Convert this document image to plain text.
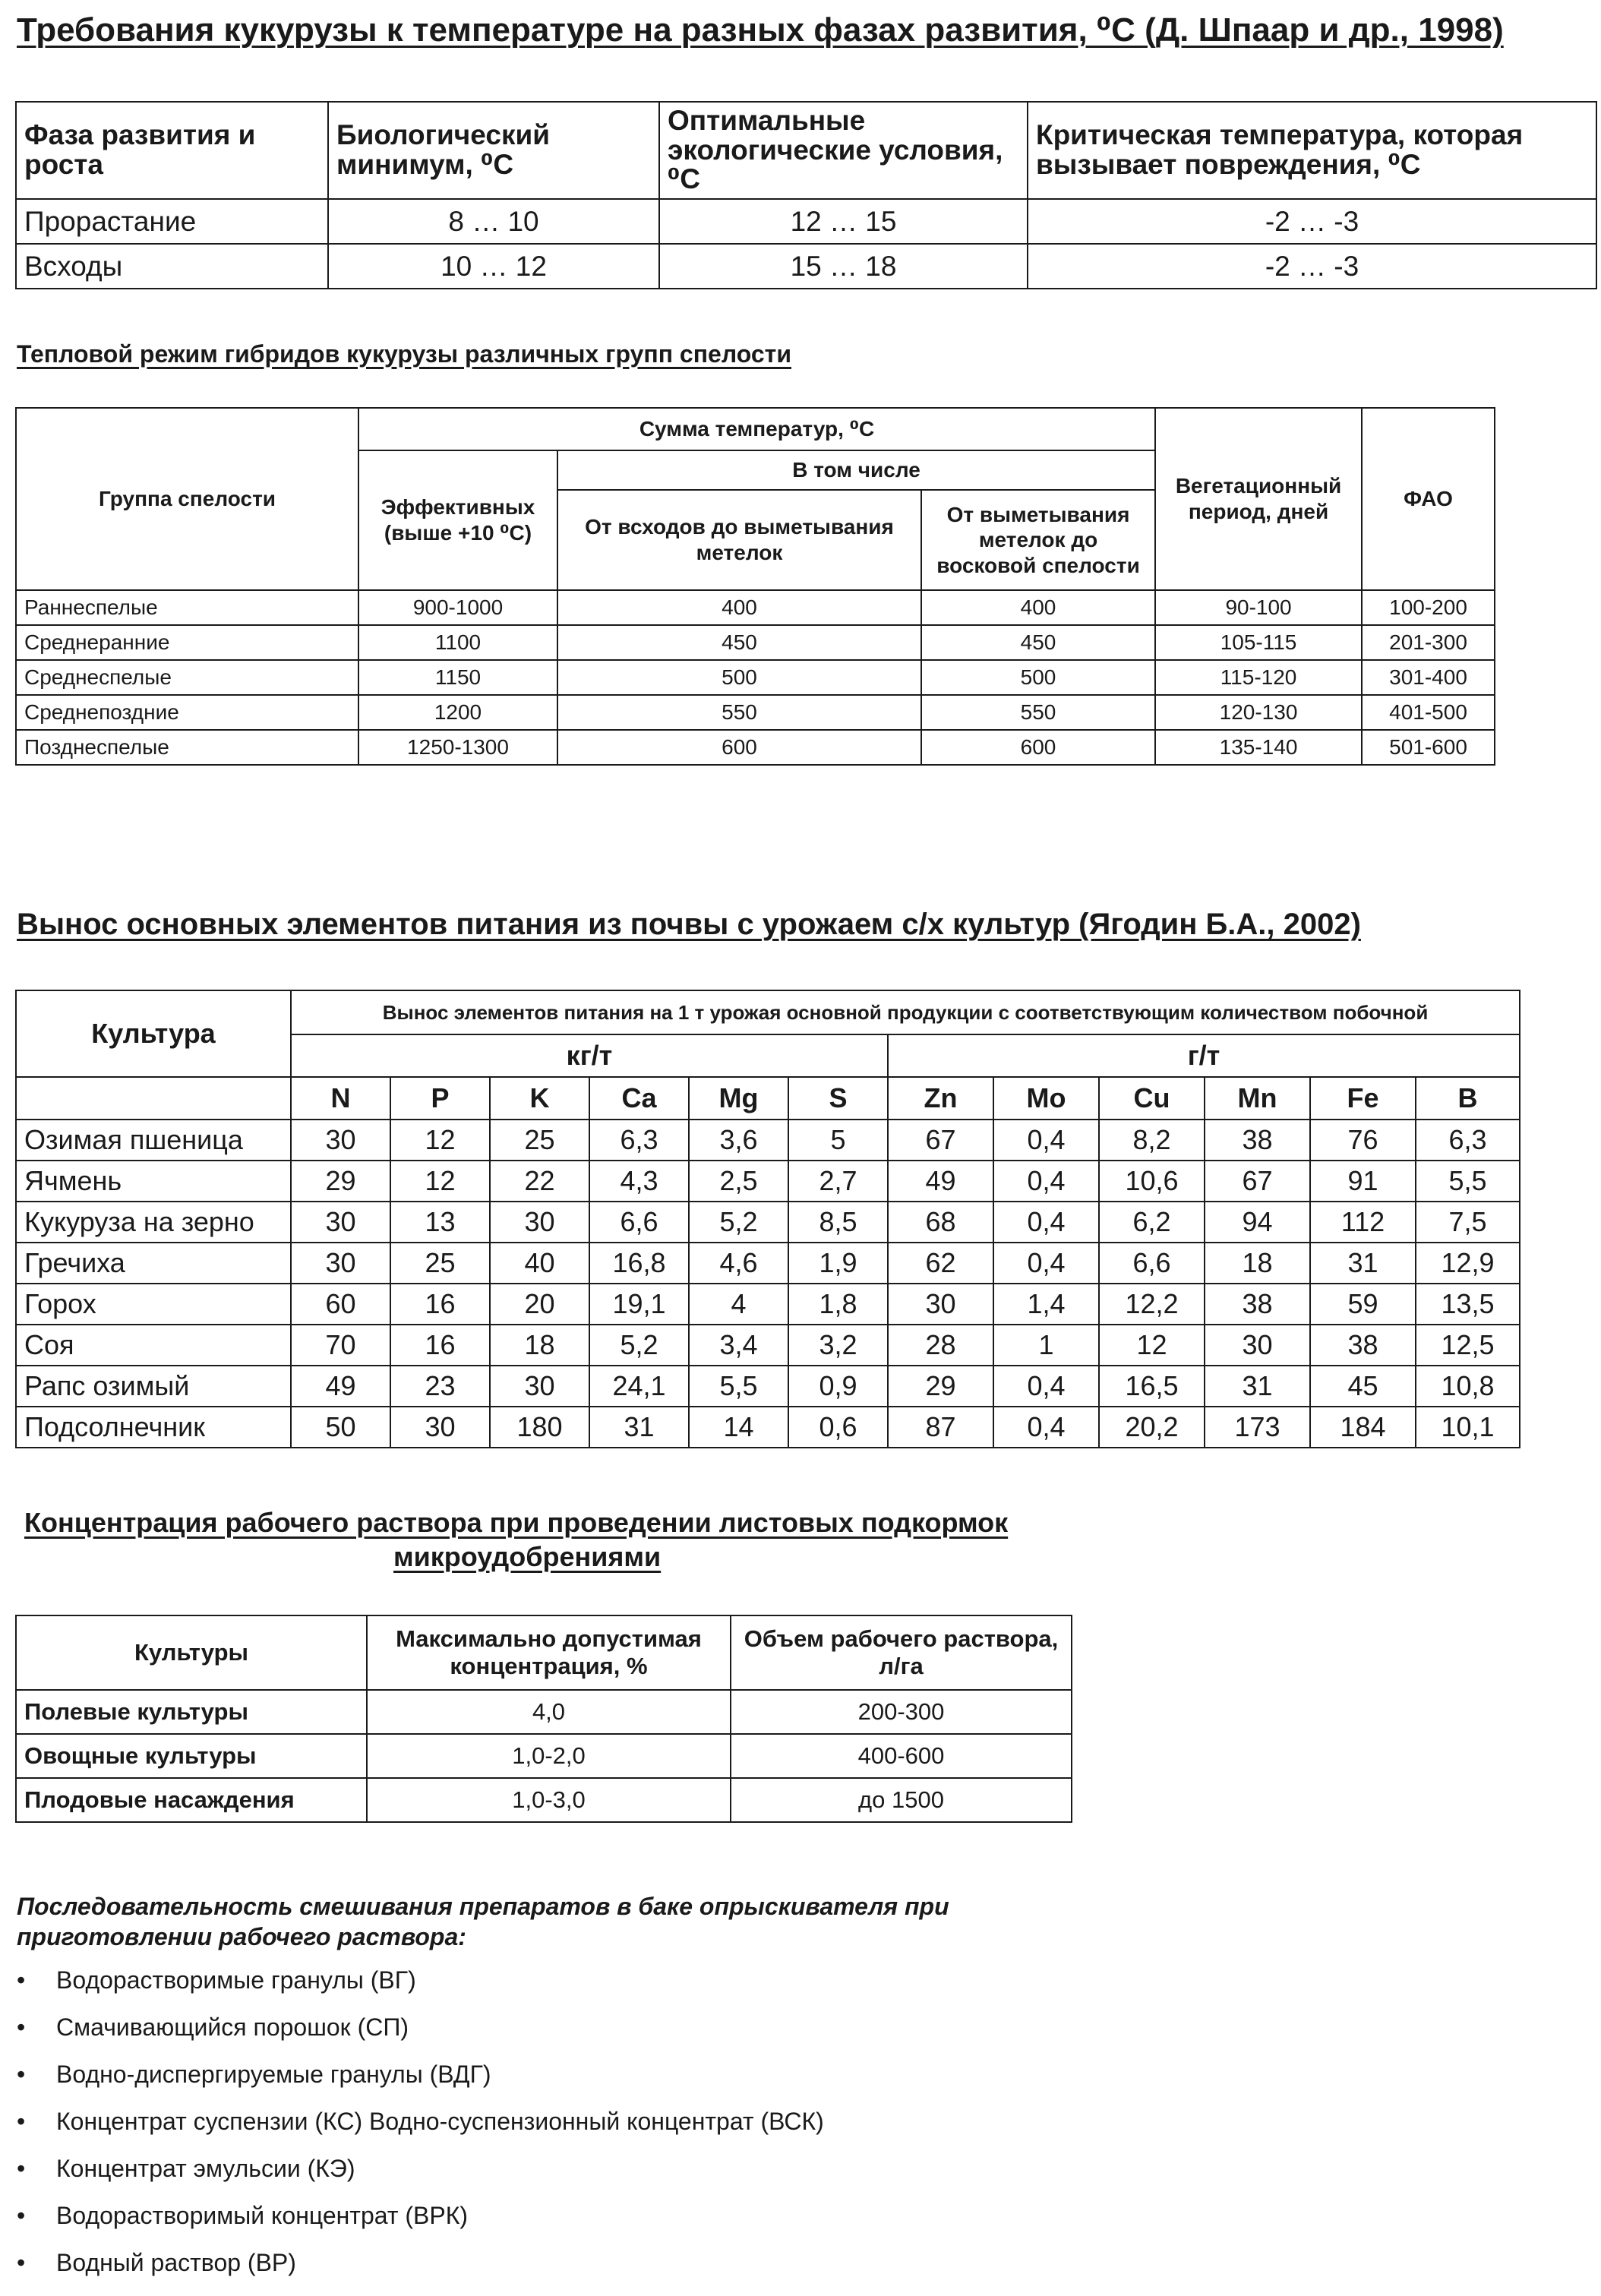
Требования кукурузы к температуре на разных фазах развития, ⁰С (Д. Шпаар и др., 1998)
Фаза развития и роста	Биологический минимум, ⁰С	Оптимальные экологические условия, ⁰С	Критическая температура, которая вызывает повреждения, ⁰С
Прорастание	8 … 10	12 … 15	-2 … -3
Всходы	10 … 12	15 … 18	-2 … -3
Тепловой режим гибридов кукурузы различных групп спелости
Группа спелости	Сумма температур, ⁰С			Вегетационный период, дней	ФАО
	Эффективных (выше +10 ⁰С)	В том числе			
		От всходов до выметывания метелок	От выметывания метелок до восковой спелости		
Раннеспелые	900-1000	400	400	90-100	100-200
Среднеранние	1100	450	450	105-115	201-300
Среднеспелые	1150	500	500	115-120	301-400
Среднепоздние	1200	550	550	120-130	401-500
Позднеспелые	1250-1300	600	600	135-140	501-600
Вынос основных элементов питания из почвы с урожаем с/х культур (Ягодин Б.А., 2002)
Культура	Вынос элементов питания на 1 т урожая основной продукции с соответствующим количеством побочной											
	кг/т						г/т					
	N	P	K	Ca	Mg	S	Zn	Mo	Cu	Mn	Fe	B
Озимая пшеница	30	12	25	6,3	3,6	5	67	0,4	8,2	38	76	6,3
Ячмень	29	12	22	4,3	2,5	2,7	49	0,4	10,6	67	91	5,5
Кукуруза на зерно	30	13	30	6,6	5,2	8,5	68	0,4	6,2	94	112	7,5
Гречиха	30	25	40	16,8	4,6	1,9	62	0,4	6,6	18	31	12,9
Горох	60	16	20	19,1	4	1,8	30	1,4	12,2	38	59	13,5
Соя	70	16	18	5,2	3,4	3,2	28	1	12	30	38	12,5
Рапс озимый	49	23	30	24,1	5,5	0,9	29	0,4	16,5	31	45	10,8
Подсолнечник	50	30	180	31	14	0,6	87	0,4	20,2	173	184	10,1
Концентрация рабочего раствора при проведении листовых подкормок
микроудобрениями
Культуры	Максимально допустимая концентрация, %	Объем рабочего раствора, л/га
Полевые культуры	4,0	200-300
Овощные культуры	1,0-2,0	400-600
Плодовые насаждения	1,0-3,0	до 1500
Последовательность смешивания препаратов в баке опрыскивателя при приготовлении рабочего раствора:
•	Водорастворимые гранулы (ВГ)
•	Смачивающийся порошок (СП)
•	Водно-диспергируемые гранулы (ВДГ)
•	Концентрат суспензии (КС) Водно-суспензионный концентрат (ВСК)
•	Концентрат эмульсии (КЭ)
•	Водорастворимый концентрат (ВРК)
•	Водный раствор (ВР)
